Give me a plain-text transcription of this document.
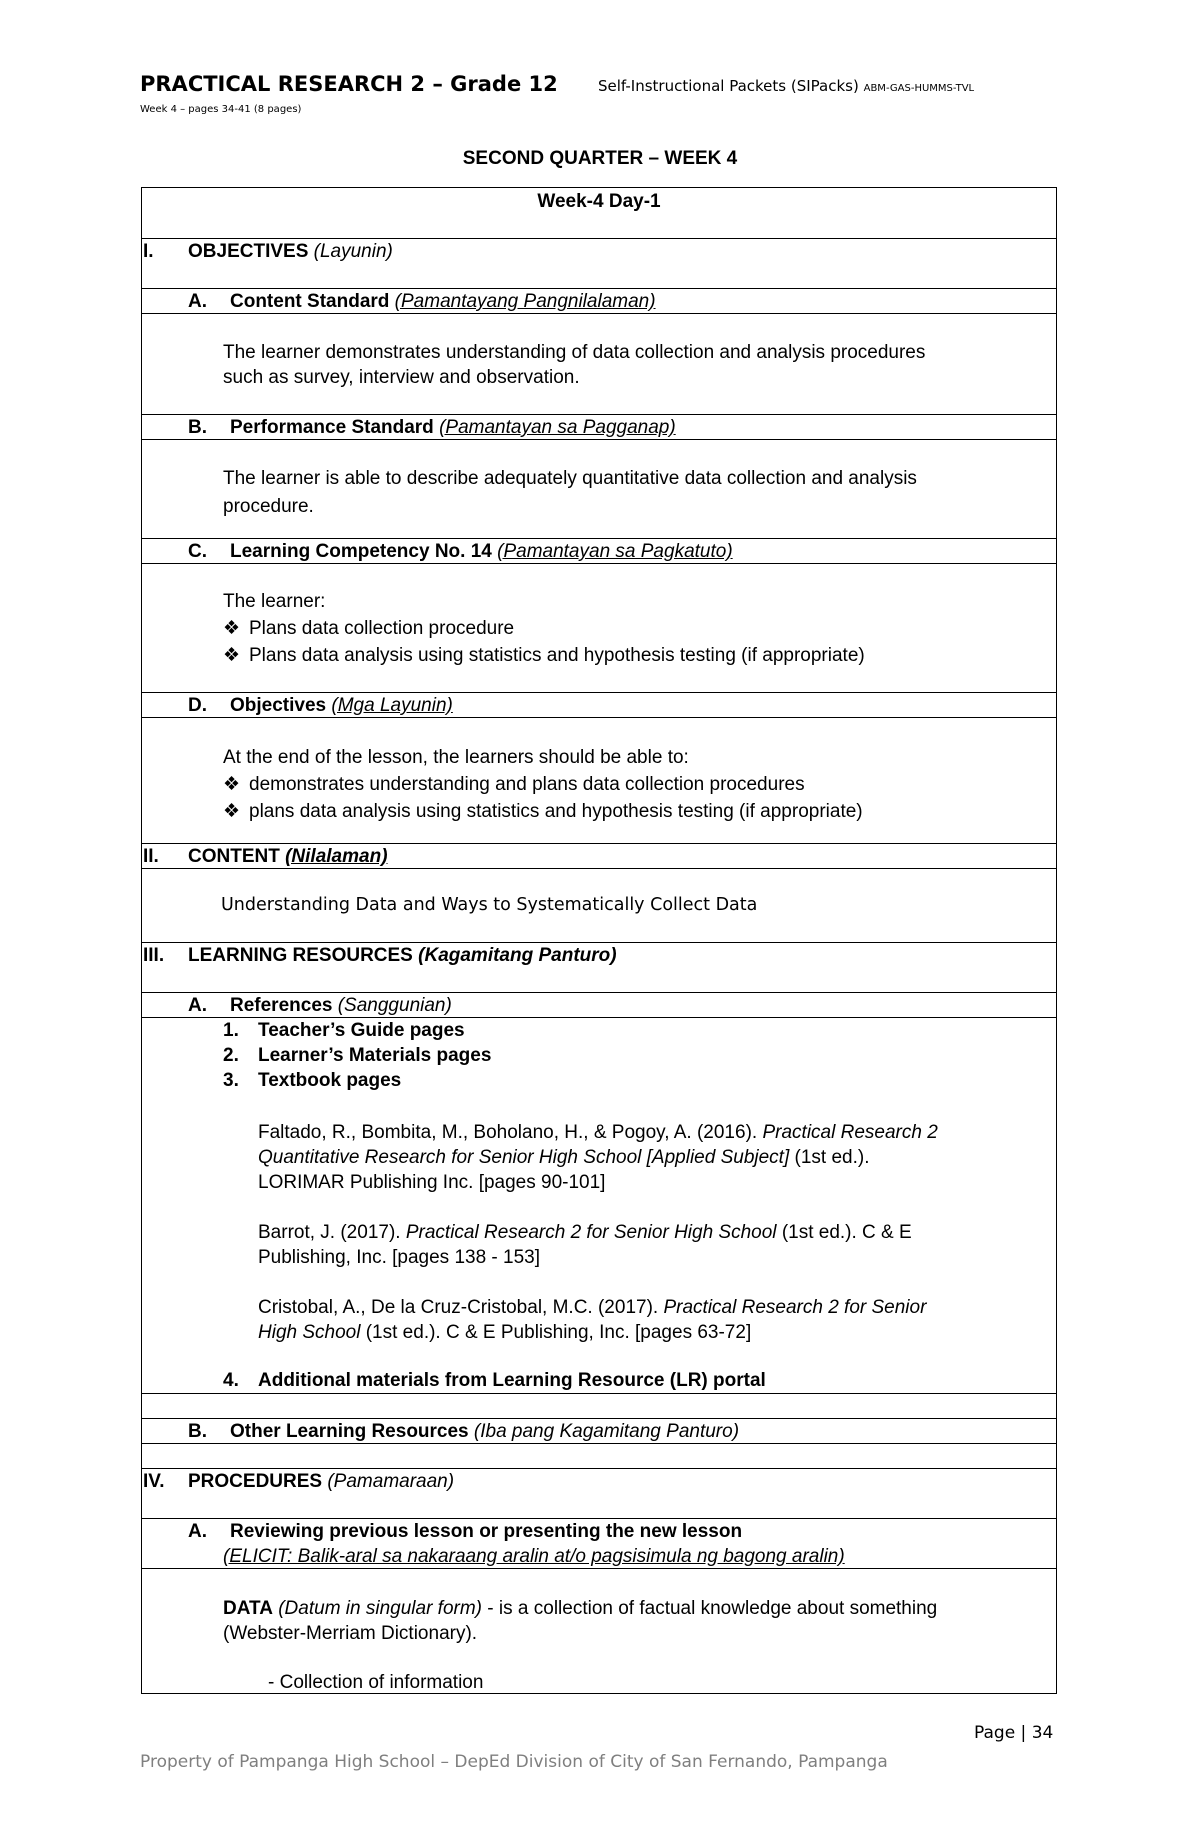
PRACTICAL RESEARCH 2 – Grade 12	Self-Instructional Packets (SIPacks) ABM-GAS-HUMMS-TVL
Week 4 – pages 34-41 (8 pages)
SECOND QUARTER – WEEK 4
Week-4 Day-1
I. OBJECTIVES (Layunin)
A. Content Standard (Pamantayang Pangnilalaman)
The learner demonstrates understanding of data collection and analysis procedures
such as survey, interview and observation.
B. Performance Standard (Pamantayan sa Pagganap)
The learner is able to describe adequately quantitative data collection and analysis
procedure.
C. Learning Competency No. 14 (Pamantayan sa Pagkatuto)
The learner:
❖ Plans data collection procedure
❖ Plans data analysis using statistics and hypothesis testing (if appropriate)
D. Objectives (Mga Layunin)
At the end of the lesson, the learners should be able to:
❖ demonstrates understanding and plans data collection procedures
❖ plans data analysis using statistics and hypothesis testing (if appropriate)
II. CONTENT (Nilalaman)
Understanding Data and Ways to Systematically Collect Data
III. LEARNING RESOURCES (Kagamitang Panturo)
A. References (Sanggunian)
1. Teacher’s Guide pages
2. Learner’s Materials pages
3. Textbook pages
Faltado, R., Bombita, M., Boholano, H., & Pogoy, A. (2016). Practical Research 2
Quantitative Research for Senior High School [Applied Subject] (1st ed.).
LORIMAR Publishing Inc. [pages 90-101]
Barrot, J. (2017). Practical Research 2 for Senior High School (1st ed.). C & E
Publishing, Inc. [pages 138 - 153]
Cristobal, A., De la Cruz-Cristobal, M.C. (2017). Practical Research 2 for Senior
High School (1st ed.). C & E Publishing, Inc. [pages 63-72]
4. Additional materials from Learning Resource (LR) portal
B. Other Learning Resources (Iba pang Kagamitang Panturo)
IV. PROCEDURES (Pamamaraan)
A. Reviewing previous lesson or presenting the new lesson
(ELICIT: Balik-aral sa nakaraang aralin at/o pagsisimula ng bagong aralin)
DATA (Datum in singular form) - is a collection of factual knowledge about something
(Webster-Merriam Dictionary).
- Collection of information
Page | 34
Property of Pampanga High School – DepEd Division of City of San Fernando, Pampanga
